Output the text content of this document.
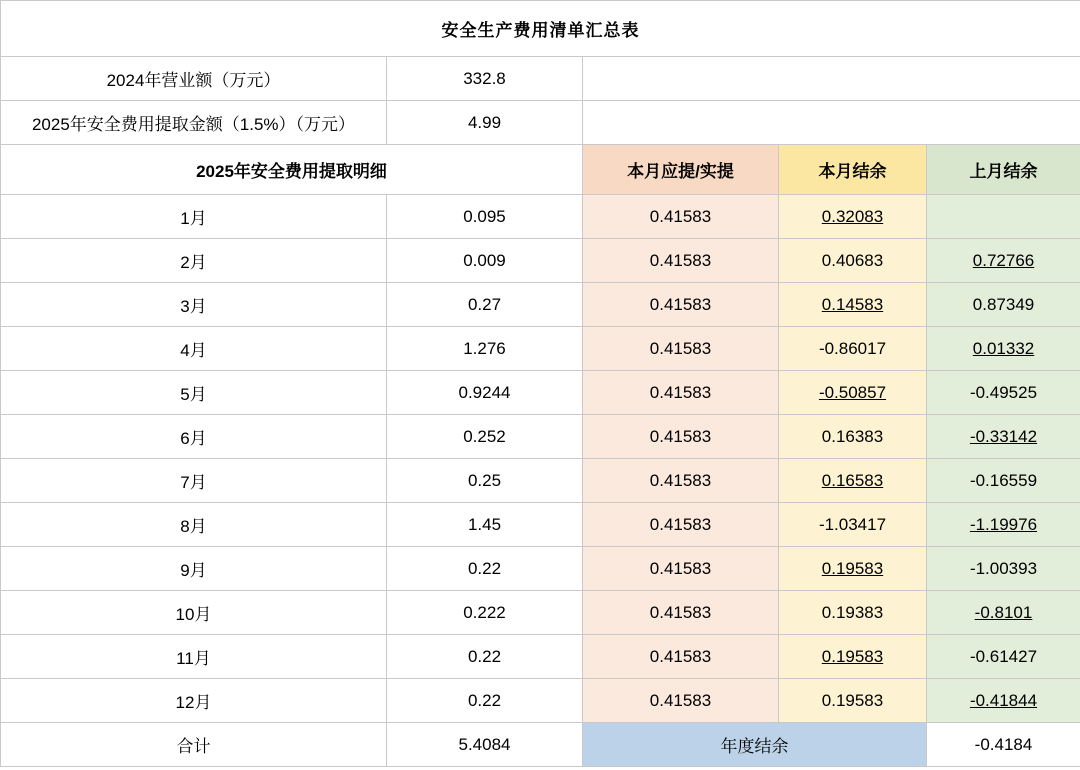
安全生产费用清单汇总表				
2024年营业额（万元）	332.8			
2025年安全费用提取金额（1.5%）（万元）	4.99			
2025年安全费用提取明细		本月应提/实提	本月结余	上月结余
1月	0.095	0.41583	0.32083	
2月	0.009	0.41583	0.40683	0.72766
3月	0.27	0.41583	0.14583	0.87349
4月	1.276	0.41583	-0.86017	0.01332
5月	0.9244	0.41583	-0.50857	-0.49525
6月	0.252	0.41583	0.16383	-0.33142
7月	0.25	0.41583	0.16583	-0.16559
8月	1.45	0.41583	-1.03417	-1.19976
9月	0.22	0.41583	0.19583	-1.00393
10月	0.222	0.41583	0.19383	-0.8101
11月	0.22	0.41583	0.19583	-0.61427
12月	0.22	0.41583	0.19583	-0.41844
合计	5.4084	年度结余		-0.4184
